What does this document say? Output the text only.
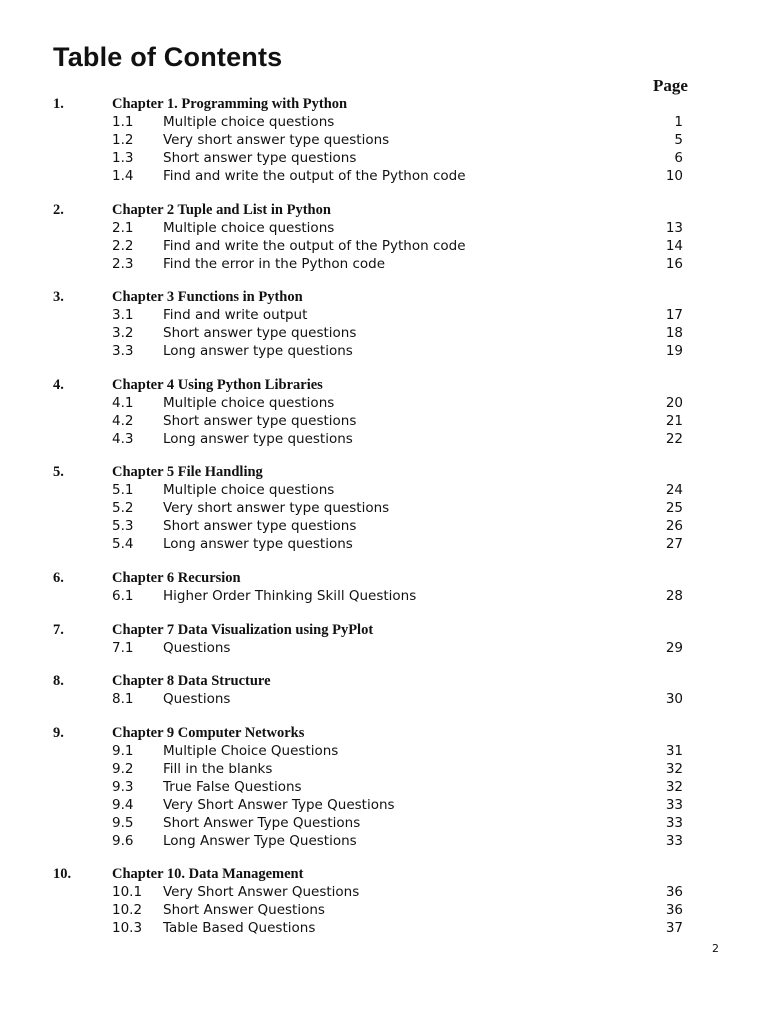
Table of Contents
Page
1.	Chapter 1. Programming with Python
1.1 Multiple choice questions	1
1.2 Very short answer type questions	5
1.3 Short answer type questions	6
1.4 Find and write the output of the Python code	10
2.	Chapter 2 Tuple and List in Python
2.1 Multiple choice questions	13
2.2 Find and write the output of the Python code	14
2.3 Find the error in the Python code	16
3.	Chapter 3 Functions in Python
3.1 Find and write output	17
3.2 Short answer type questions	18
3.3 Long answer type questions	19
4.	Chapter 4 Using Python Libraries
4.1 Multiple choice questions	20
4.2 Short answer type questions	21
4.3 Long answer type questions	22
5.	Chapter 5 File Handling
5.1 Multiple choice questions	24
5.2 Very short answer type questions	25
5.3 Short answer type questions	26
5.4 Long answer type questions	27
6.	Chapter 6 Recursion
6.1 Higher Order Thinking Skill Questions	28
7.	Chapter 7 Data Visualization using PyPlot
7.1 Questions	29
8.	Chapter 8 Data Structure
8.1 Questions	30
9.	Chapter 9 Computer Networks
9.1 Multiple Choice Questions	31
9.2 Fill in the blanks	32
9.3 True False Questions	32
9.4 Very Short Answer Type Questions	33
9.5 Short Answer Type Questions	33
9.6 Long Answer Type Questions	33
10.	Chapter 10. Data Management
10.1 Very Short Answer Questions	36
10.2 Short Answer Questions	36
10.3 Table Based Questions	37
2
